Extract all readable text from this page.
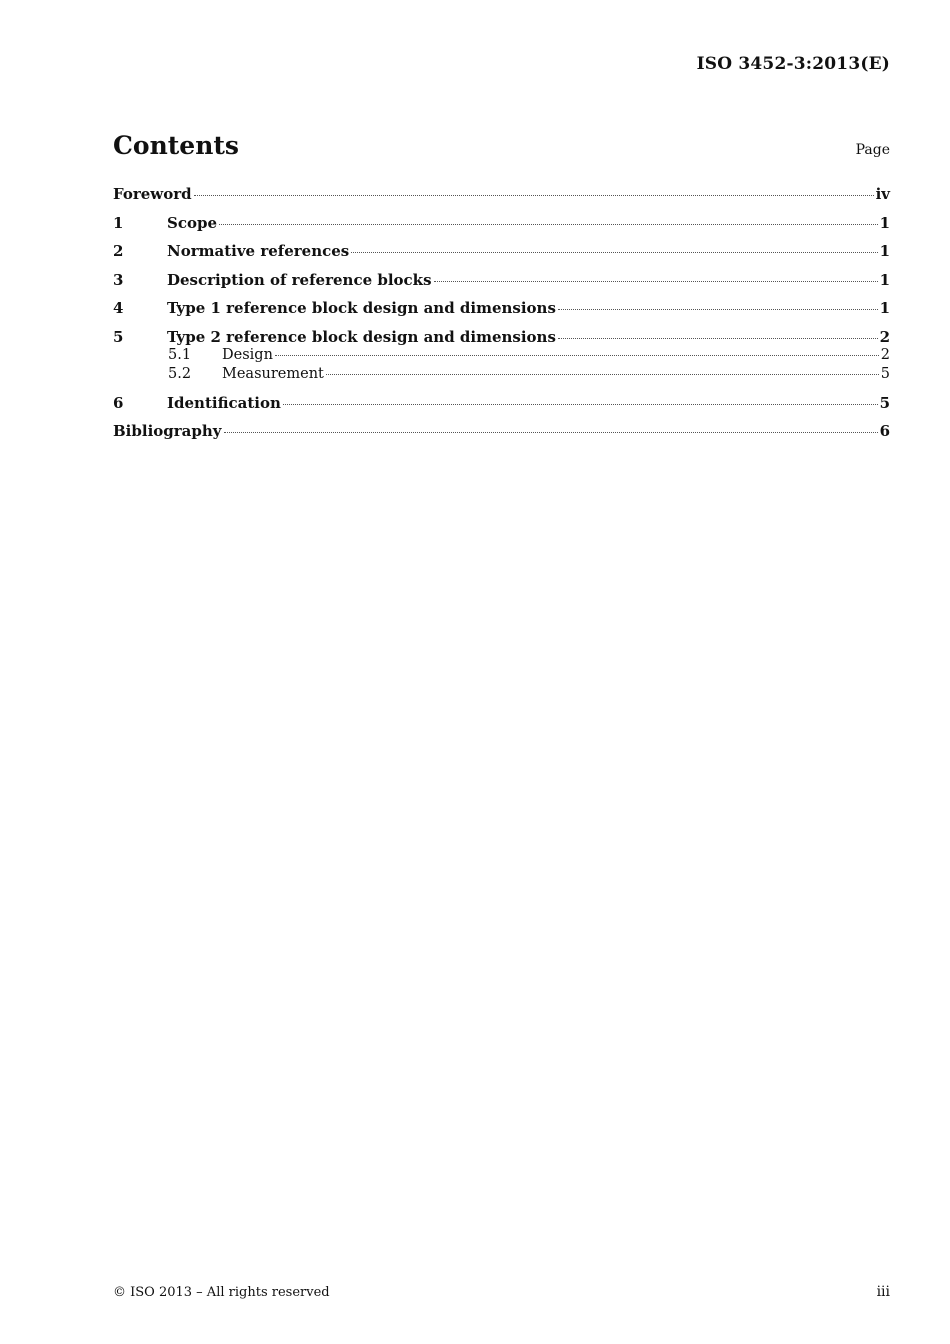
ISO 3452-3:2013(E)
Contents	Page
Foreword	iv
1	Scope	1
2	Normative references	1
3	Description of reference blocks	1
4	Type 1 reference block design and dimensions	1
5	Type 2 reference block design and dimensions	2
5.1	Design	2
5.2	Measurement	5
6	Identification	5
Bibliography	6
© ISO 2013 – All rights reserved	iii
